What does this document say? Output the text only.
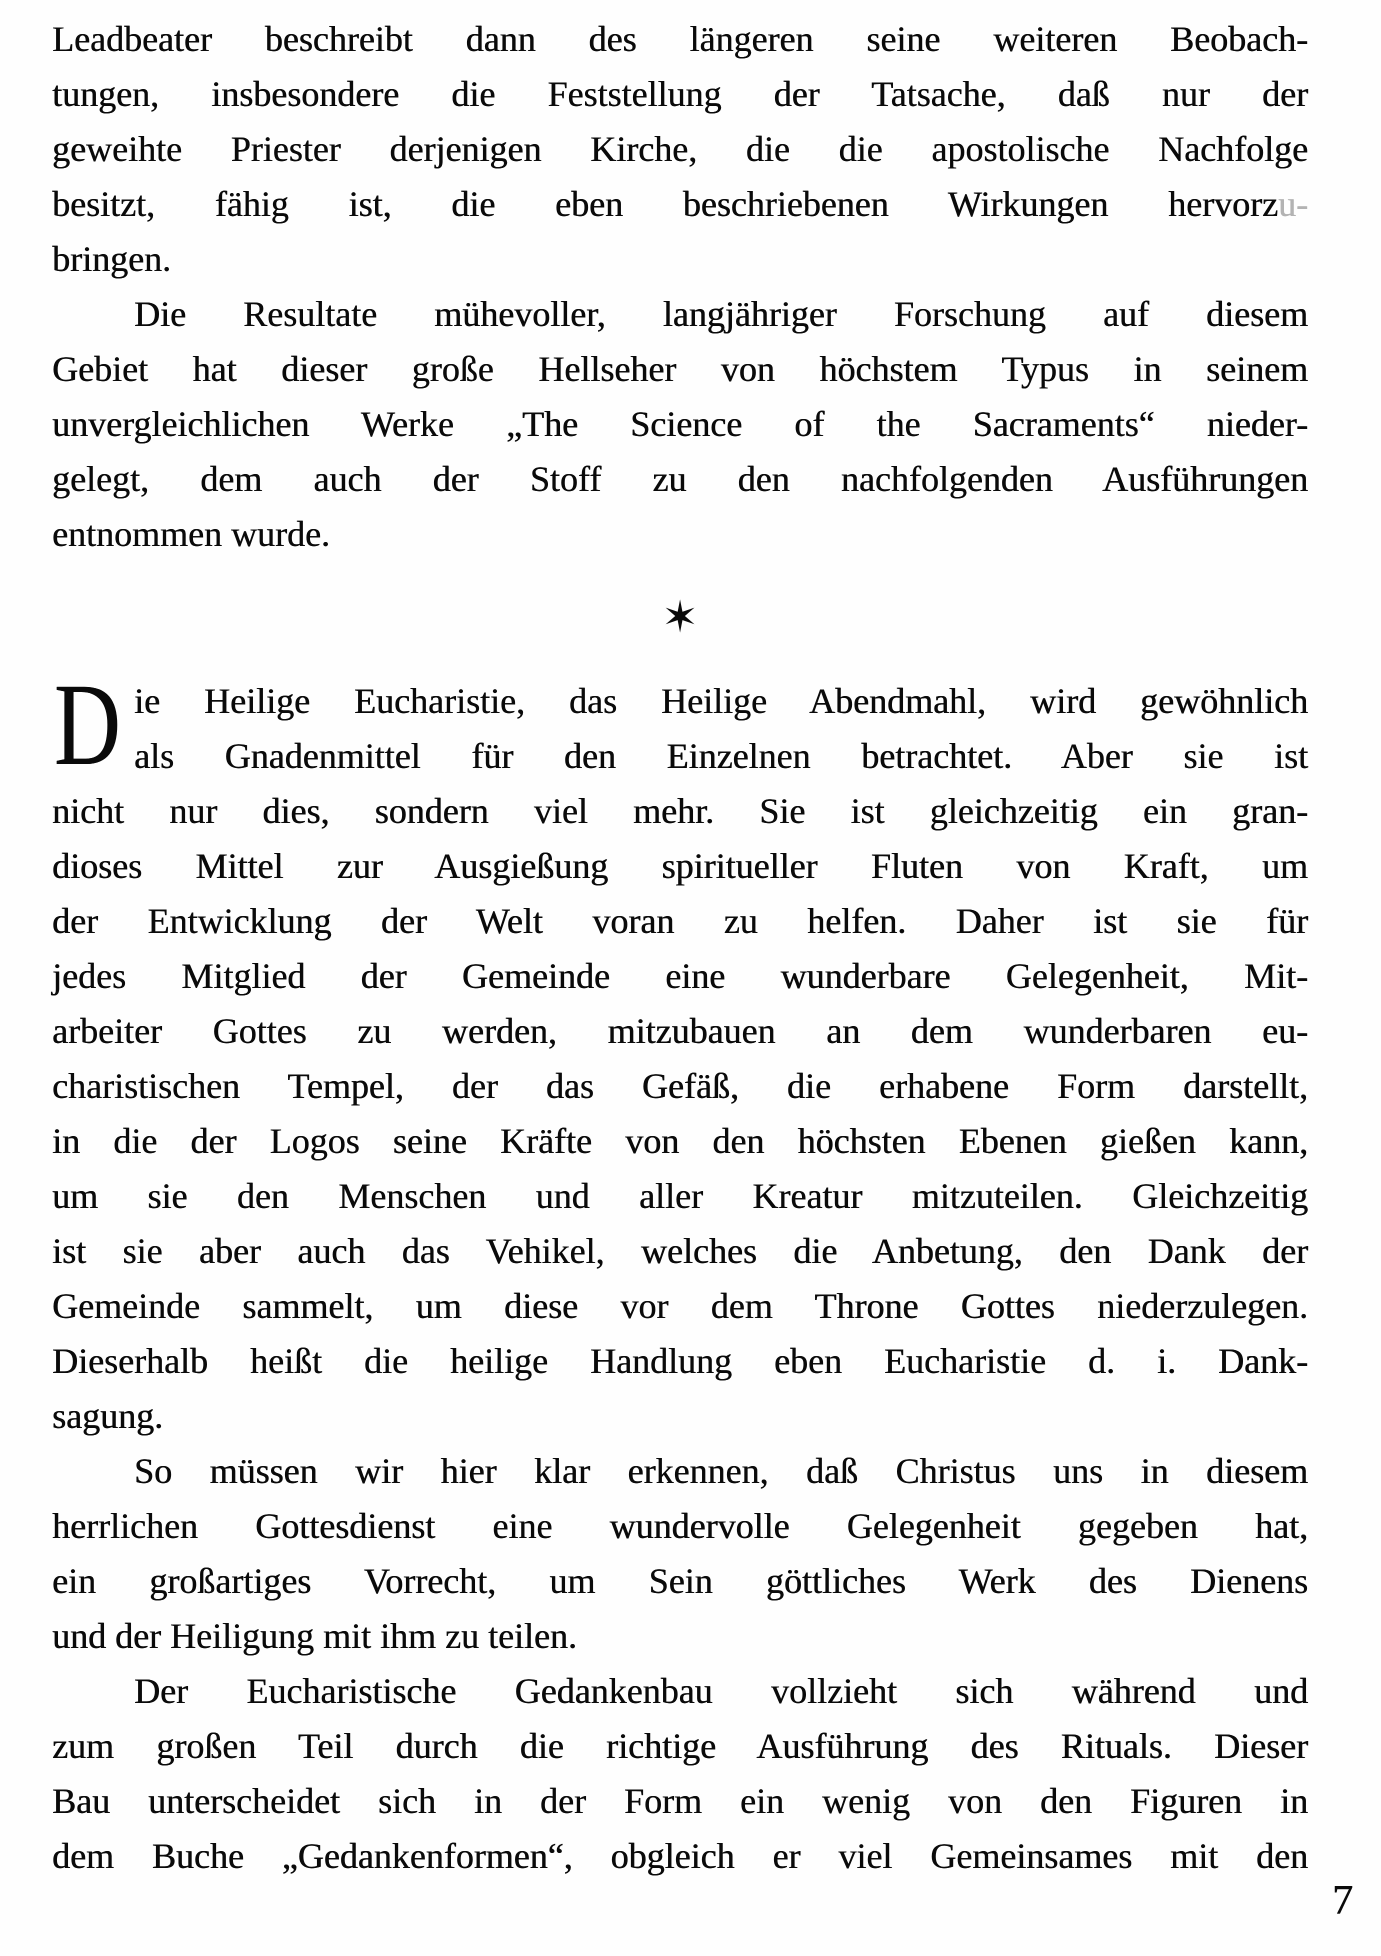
Leadbeater beschreibt dann des längeren seine weiteren Beobach-
tungen, insbesondere die Feststellung der Tatsache, daß nur der
geweihte Priester derjenigen Kirche, die die apostolische Nachfolge
besitzt, fähig ist, die eben beschriebenen Wirkungen hervorzu-
bringen.
Die Resultate mühevoller, langjähriger Forschung auf diesem
Gebiet hat dieser große Hellseher von höchstem Typus in seinem
unvergleichlichen Werke „The Science of the Sacraments“ nieder-
gelegt, dem auch der Stoff zu den nachfolgenden Ausführungen
entnommen wurde.
✶
D ie Heilige Eucharistie, das Heilige Abendmahl, wird gewöhnlich
als Gnadenmittel für den Einzelnen betrachtet. Aber sie ist
nicht nur dies, sondern viel mehr. Sie ist gleichzeitig ein gran-
dioses Mittel zur Ausgießung spiritueller Fluten von Kraft, um
der Entwicklung der Welt voran zu helfen. Daher ist sie für
jedes Mitglied der Gemeinde eine wunderbare Gelegenheit, Mit-
arbeiter Gottes zu werden, mitzubauen an dem wunderbaren eu-
charistischen Tempel, der das Gefäß, die erhabene Form darstellt,
in die der Logos seine Kräfte von den höchsten Ebenen gießen kann,
um sie den Menschen und aller Kreatur mitzuteilen. Gleichzeitig
ist sie aber auch das Vehikel, welches die Anbetung, den Dank der
Gemeinde sammelt, um diese vor dem Throne Gottes niederzulegen.
Dieserhalb heißt die heilige Handlung eben Eucharistie d. i. Dank-
sagung.
So müssen wir hier klar erkennen, daß Christus uns in diesem
herrlichen Gottesdienst eine wundervolle Gelegenheit gegeben hat,
ein großartiges Vorrecht, um Sein göttliches Werk des Dienens
und der Heiligung mit ihm zu teilen.
Der Eucharistische Gedankenbau vollzieht sich während und
zum großen Teil durch die richtige Ausführung des Rituals. Dieser
Bau unterscheidet sich in der Form ein wenig von den Figuren in
dem Buche „Gedankenformen“, obgleich er viel Gemeinsames mit den
7
